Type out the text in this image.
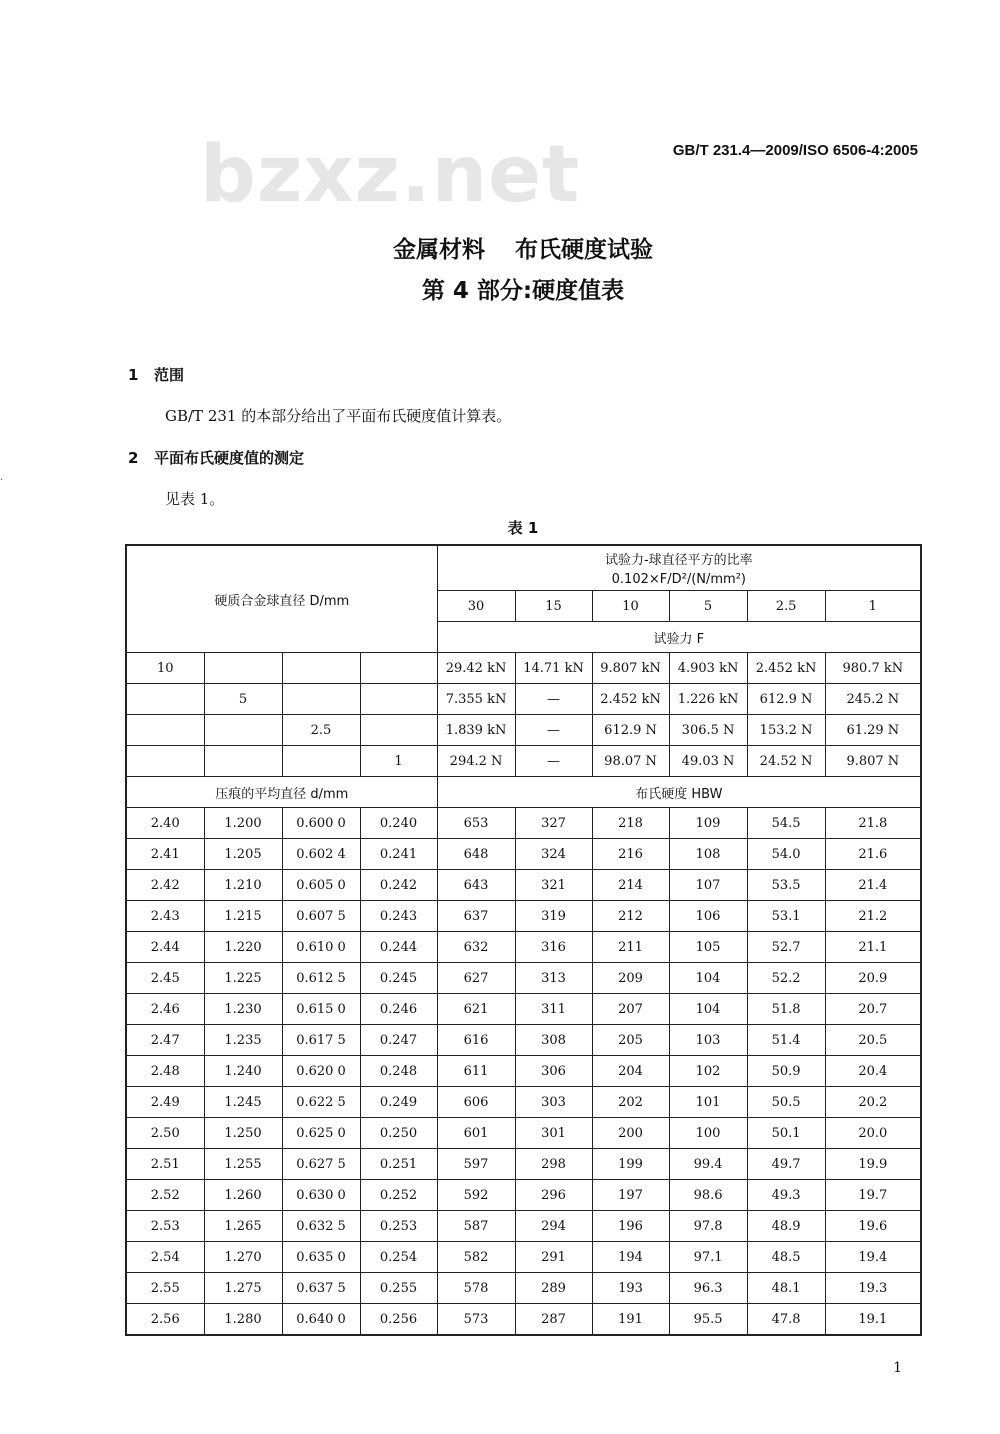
bzxz.net	GB/T 231.4—2009/ISO 6506-4:2005
金属材料 布氏硬度试验
第 4 部分:硬度值表
1 范围
GB/T 231 的本部分给出了平面布氏硬度值计算表。
2 平面布氏硬度值的测定
见表 1。
表 1
硬质合金球直径 D/mm				试验力-球直径平方的比率
0.102×F/D²/(N/mm²)					

				30	15	10	5	2.5	1
				试验力 F					
10				29.42 kN	14.71 kN	9.807 kN	4.903 kN	2.452 kN	980.7 kN
	5			7.355 kN	—	2.452 kN	1.226 kN	612.9 N	245.2 N
		2.5		1.839 kN	—	612.9 N	306.5 N	153.2 N	61.29 N
			1	294.2 N	—	98.07 N	49.03 N	24.52 N	9.807 N
压痕的平均直径 d/mm				布氏硬度 HBW					
2.40	1.200	0.600 0	0.240	653	327	218	109	54.5	21.8
2.41	1.205	0.602 4	0.241	648	324	216	108	54.0	21.6
2.42	1.210	0.605 0	0.242	643	321	214	107	53.5	21.4
2.43	1.215	0.607 5	0.243	637	319	212	106	53.1	21.2
2.44	1.220	0.610 0	0.244	632	316	211	105	52.7	21.1
2.45	1.225	0.612 5	0.245	627	313	209	104	52.2	20.9
2.46	1.230	0.615 0	0.246	621	311	207	104	51.8	20.7
2.47	1.235	0.617 5	0.247	616	308	205	103	51.4	20.5
2.48	1.240	0.620 0	0.248	611	306	204	102	50.9	20.4
2.49	1.245	0.622 5	0.249	606	303	202	101	50.5	20.2
2.50	1.250	0.625 0	0.250	601	301	200	100	50.1	20.0
2.51	1.255	0.627 5	0.251	597	298	199	99.4	49.7	19.9
2.52	1.260	0.630 0	0.252	592	296	197	98.6	49.3	19.7
2.53	1.265	0.632 5	0.253	587	294	196	97.8	48.9	19.6
2.54	1.270	0.635 0	0.254	582	291	194	97.1	48.5	19.4
2.55	1.275	0.637 5	0.255	578	289	193	96.3	48.1	19.3
2.56	1.280	0.640 0	0.256	573	287	191	95.5	47.8	19.1
1
·
